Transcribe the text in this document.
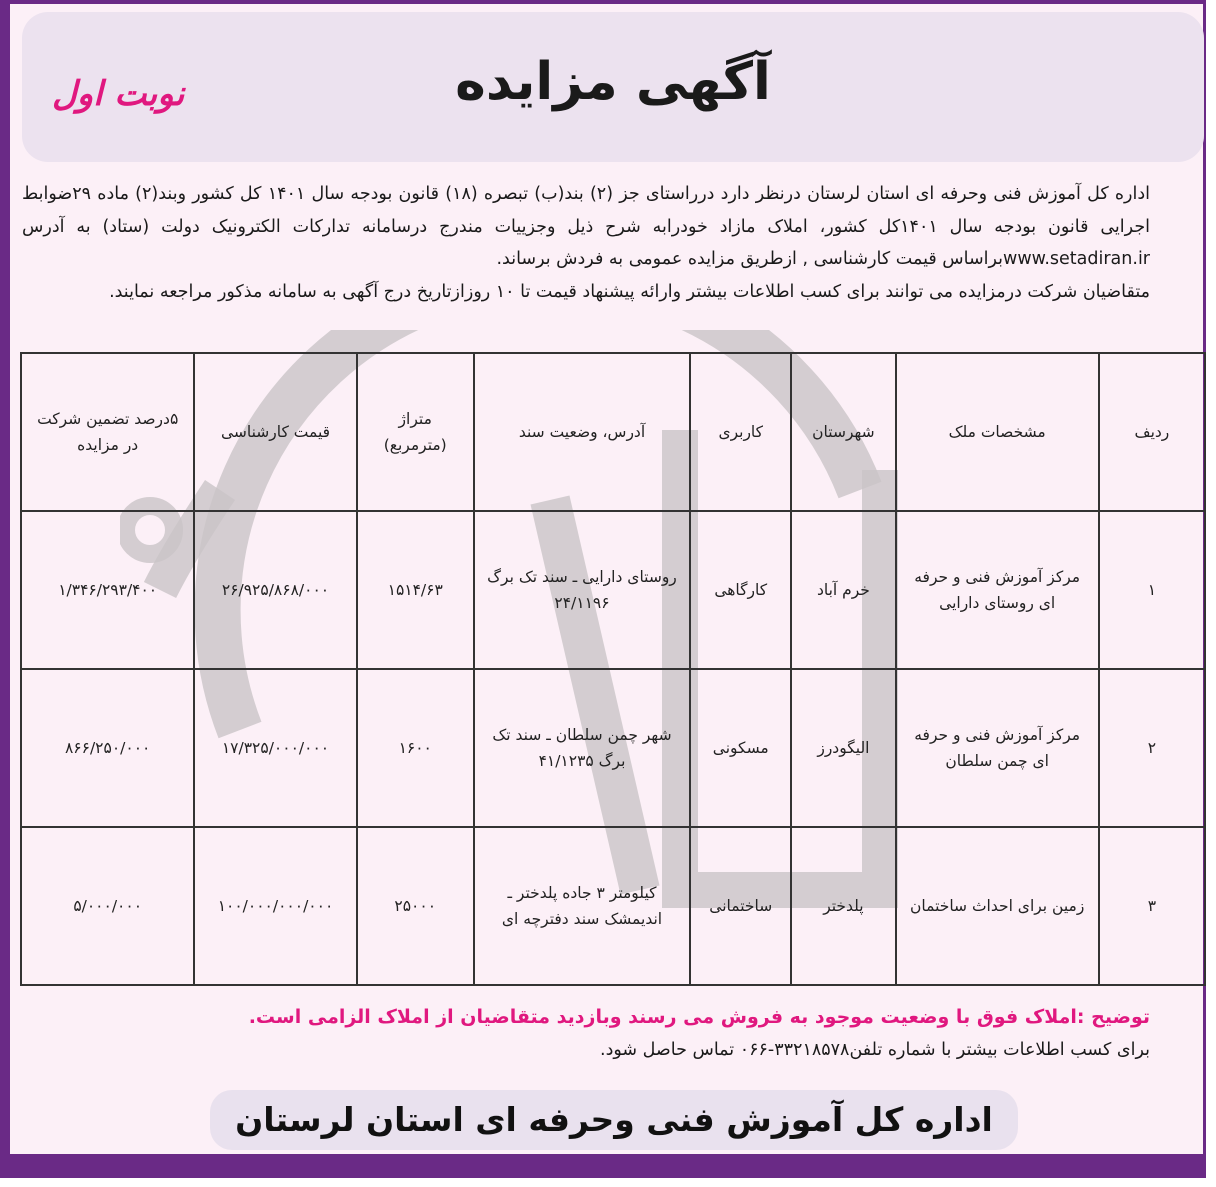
آگهی مزایده
نوبت اول

اداره کل آموزش فنی وحرفه ای استان لرستان درنظر دارد درراستای جز (۲) بند(ب) تبصره (۱۸) قانون بودجه سال ۱۴۰۱ کل کشور وبند(۲) ماده ۲۹ضوابط اجرایی قانون بودجه سال ۱۴۰۱کل کشور، املاک مازاد خودرابه شرح ذیل وجزییات مندرج درسامانه تدارکات الکترونیک دولت (ستاد) به آدرس www.setadiran.irبراساس قیمت کارشناسی , ازطریق مزایده عمومی به فردش برساند.

متقاضیان شرکت درمزایده می توانند برای کسب اطلاعات بیشتر وارائه پیشنهاد قیمت تا ۱۰ روزازتاریخ درج آگهی به سامانه مذکور مراجعه نمایند.

ردیف	مشخصات ملک	شهرستان	کاربری	آدرس، وضعیت سند	متراژ (مترمربع)	قیمت کارشناسی	۵درصد تضمین شرکت در مزایده
۱	مرکز آموزش فنی و حرفه ای روستای دارایی	خرم آباد	کارگاهی	روستای دارایی ـ سند تک برگ ۲۴/۱۱۹۶	۱۵۱۴/۶۳	۲۶/۹۲۵/۸۶۸/۰۰۰	۱/۳۴۶/۲۹۳/۴۰۰
۲	مرکز آموزش فنی و حرفه ای چمن سلطان	الیگودرز	مسکونی	شهر چمن سلطان ـ سند تک برگ ۴۱/۱۲۳۵	۱۶۰۰	۱۷/۳۲۵/۰۰۰/۰۰۰	۸۶۶/۲۵۰/۰۰۰
۳	زمین برای احداث ساختمان	پلدختر	ساختمانی	کیلومتر ۳ جاده پلدختر ـ اندیمشک سند دفترچه ای	۲۵۰۰۰	۱۰۰/۰۰۰/۰۰۰/۰۰۰	۵/۰۰۰/۰۰۰
توضیح :املاک فوق با وضعیت موجود به فروش می رسند وبازدید متقاضیان از املاک الزامی است.
برای کسب اطلاعات بیشتر با شماره تلفن۳۳۲۱۸۵۷۸-۰۶۶ تماس حاصل شود.
اداره کل آموزش فنی وحرفه ای استان لرستان
